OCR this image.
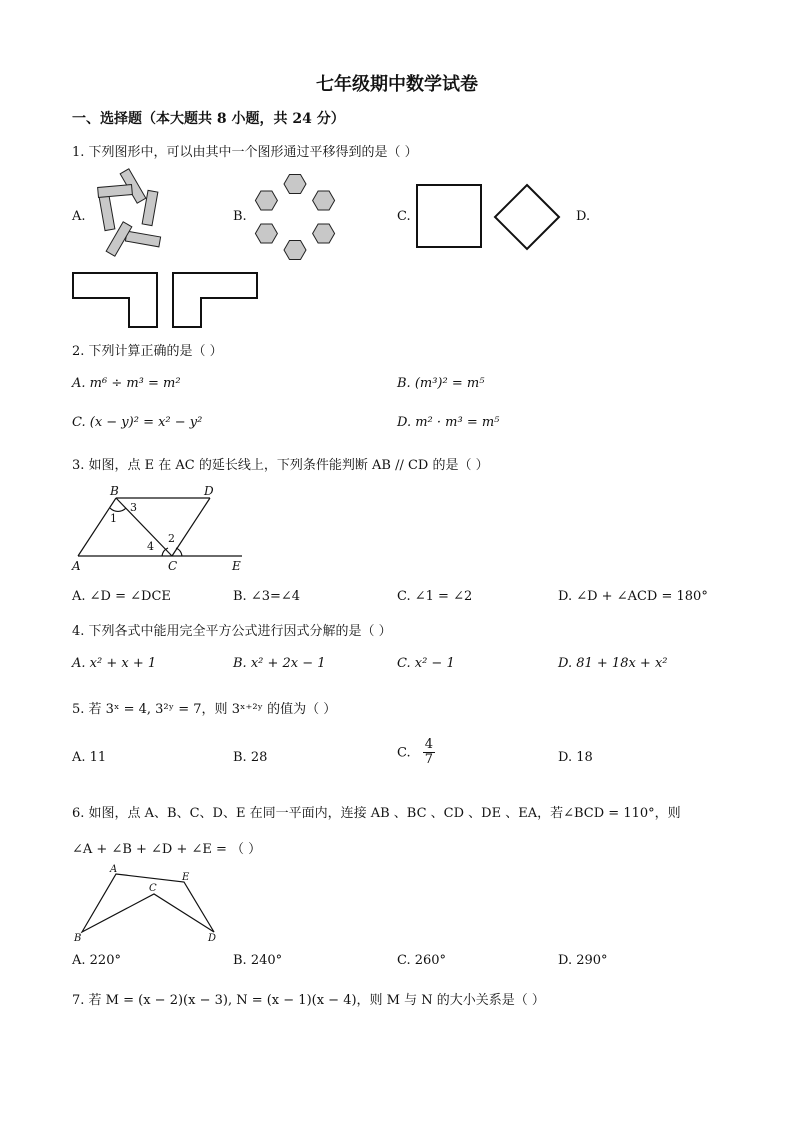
七年级期中数学试卷
一、选择题（本大题共 8 小题，共 24 分）
1. 下列图形中，可以由其中一个图形通过平移得到的是（ ）
A.	B.	C.	D.
2. 下列计算正确的是（ ）
A. m⁶ ÷ m³ = m²	B. (m³)² = m⁵
C. (x − y)² = x² − y²	D. m² · m³ = m⁵
3. 如图，点 E 在 AC 的延长线上，下列条件能判断 AB // CD 的是（ ）
B	D
A	C	E
1
3
2
4
A. ∠D = ∠DCE	B. ∠3=∠4	C. ∠1 = ∠2	D. ∠D + ∠ACD = 180°
4. 下列各式中能用完全平方公式进行因式分解的是（ ）
A. x² + x + 1	B. x² + 2x − 1	C. x² − 1	D. 81 + 18x + x²
5. 若 3ˣ = 4, 3²ʸ = 7，则 3ˣ⁺²ʸ 的值为（ ）
A. 11	B. 28	C. $\frac{4}{7}$	D. 18
6. 如图，点 A、B、C、D、E 在同一平面内，连接 AB 、BC 、CD 、DE 、EA，若∠BCD = 110°，则
∠A + ∠B + ∠D + ∠E = （ ）
A
B
C
D
E
A. 220°	B. 240°	C. 260°	D. 290°
7. 若 M = (x − 2)(x − 3), N = (x − 1)(x − 4)，则 M 与 N 的大小关系是（ ）
